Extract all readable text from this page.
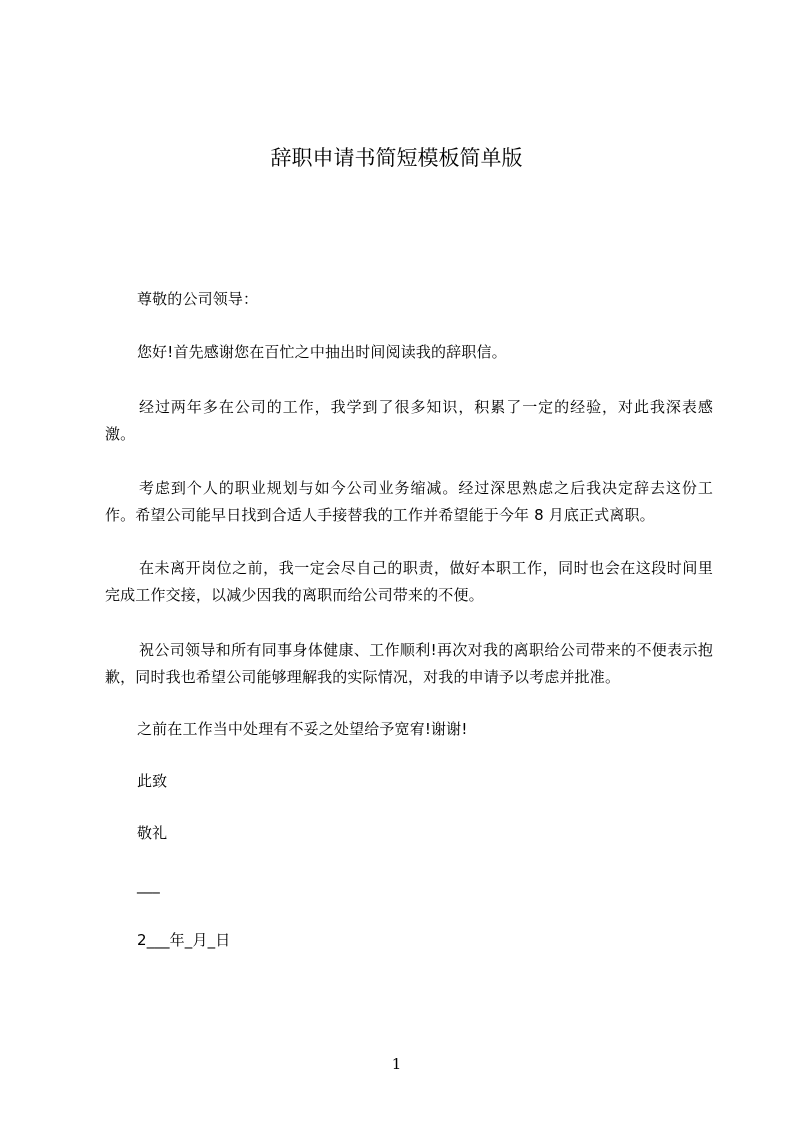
辞职申请书简短模板简单版
尊敬的公司领导：
您好!首先感谢您在百忙之中抽出时间阅读我的辞职信。
经过两年多在公司的工作，我学到了很多知识，积累了一定的经验，对此我深表感激。
考虑到个人的职业规划与如今公司业务缩减。经过深思熟虑之后我决定辞去这份工作。希望公司能早日找到合适人手接替我的工作并希望能于今年 8 月底正式离职。
在未离开岗位之前，我一定会尽自己的职责，做好本职工作，同时也会在这段时间里完成工作交接，以减少因我的离职而给公司带来的不便。
祝公司领导和所有同事身体健康、工作顺利!再次对我的离职给公司带来的不便表示抱歉，同时我也希望公司能够理解我的实际情况，对我的申请予以考虑并批准。
之前在工作当中处理有不妥之处望给予宽宥!谢谢!
此致
敬礼
___
2___年_月_日
1
